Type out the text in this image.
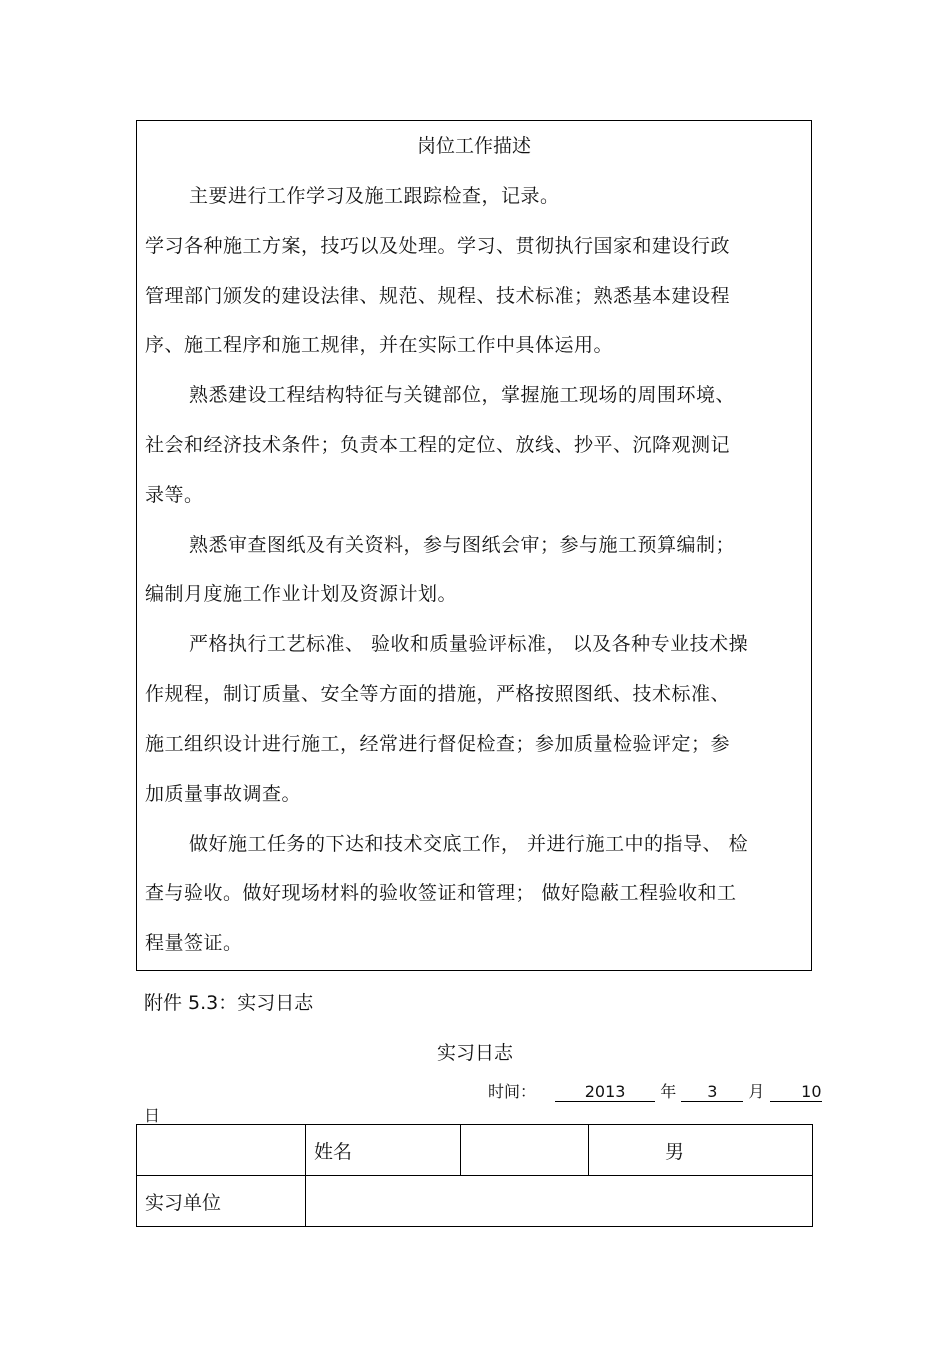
岗位工作描述
主要进行工作学习及施工跟踪检查，记录。
学习各种施工方案，技巧以及处理。学习、贯彻执行国家和建设行政
管理部门颁发的建设法律、规范、规程、技术标准；熟悉基本建设程
序、施工程序和施工规律，并在实际工作中具体运用。
熟悉建设工程结构特征与关键部位，掌握施工现场的周围环境、
社会和经济技术条件；负责本工程的定位、放线、抄平、沉降观测记
录等。
熟悉审查图纸及有关资料，参与图纸会审；参与施工预算编制；
编制月度施工作业计划及资源计划。
严格执行工艺标准、 验收和质量验评标准， 以及各种专业技术操
作规程，制订质量、安全等方面的措施，严格按照图纸、技术标准、
施工组织设计进行施工，经常进行督促检查；参加质量检验评定；参
加质量事故调查。
做好施工任务的下达和技术交底工作， 并进行施工中的指导、 检
查与验收。做好现场材料的验收签证和管理； 做好隐蔽工程验收和工
程量签证。
附件 5.3：实习日志
实习日志
时间：	2013 年 3 月 10
日
	姓名		男
实习单位			
